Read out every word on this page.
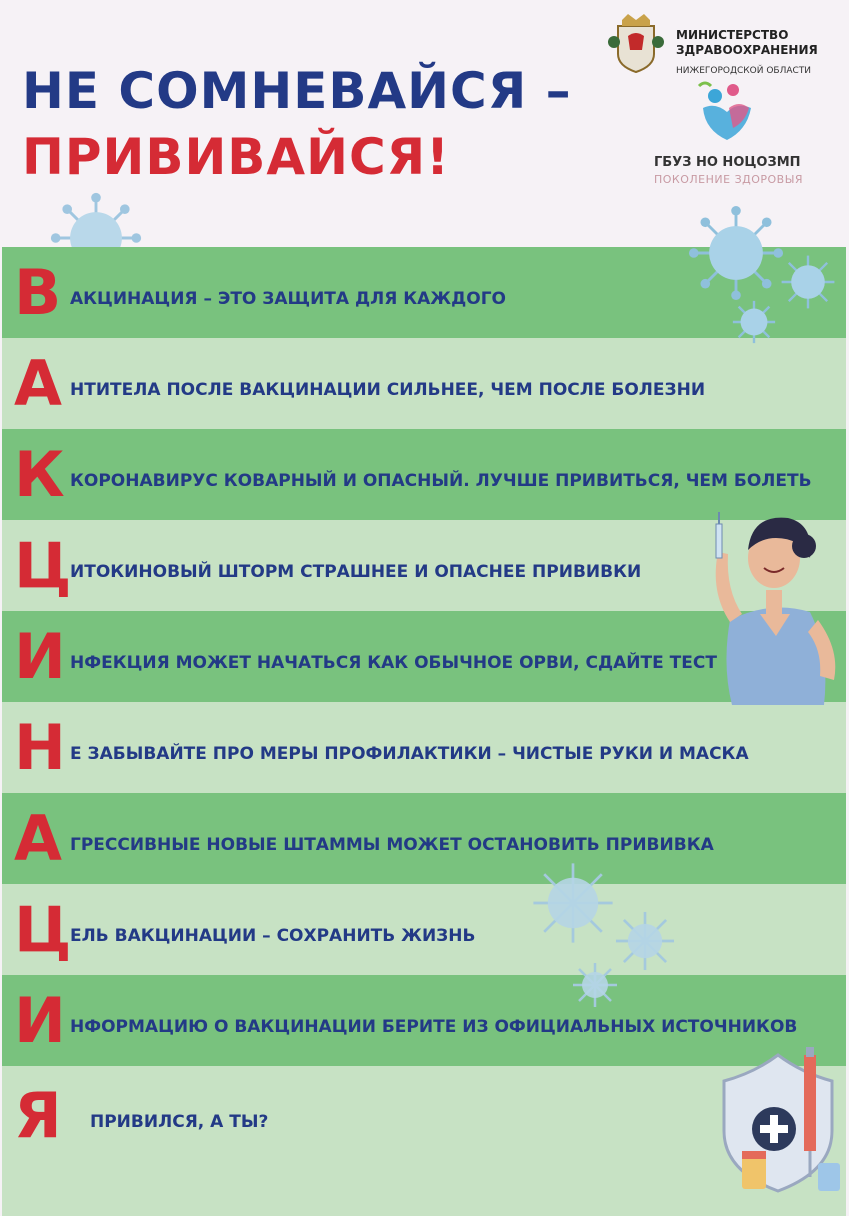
НЕ СОМНЕВАЙСЯ –
ПРИВИВАЙСЯ!
МИНИСТЕРСТВО
ЗДРАВООХРАНЕНИЯ
НИЖЕГОРОДСКОЙ ОБЛАСТИ
ГБУЗ НО НОЦОЗМП
ПОКОЛЕНИЕ ЗДОРОВЫЯ
В АКЦИНАЦИЯ – ЭТО ЗАЩИТА ДЛЯ КАЖДОГО
А НТИТЕЛА ПОСЛЕ ВАКЦИНАЦИИ СИЛЬНЕЕ, ЧЕМ ПОСЛЕ БОЛЕЗНИ
К КОРОНАВИРУС КОВАРНЫЙ И ОПАСНЫЙ. ЛУЧШЕ ПРИВИТЬСЯ, ЧЕМ БОЛЕТЬ
Ц
ИТОКИНОВЫЙ ШТОРМ СТРАШНЕЕ И ОПАСНЕЕ ПРИВИВКИ
И НФЕКЦИЯ МОЖЕТ НАЧАТЬСЯ КАК ОБЫЧНОЕ ОРВИ, СДАЙТЕ ТЕСТ
Н Е ЗАБЫВАЙТЕ ПРО МЕРЫ ПРОФИЛАКТИКИ – ЧИСТЫЕ РУКИ И МАСКА
А ГРЕССИВНЫЕ НОВЫЕ ШТАММЫ МОЖЕТ ОСТАНОВИТЬ ПРИВИВКА
Ц
ЕЛЬ ВАКЦИНАЦИИ – СОХРАНИТЬ ЖИЗНЬ
И НФОРМАЦИЮ О ВАКЦИНАЦИИ БЕРИТЕ ИЗ ОФИЦИАЛЬНЫХ ИСТОЧНИКОВ
Я ПРИВИЛСЯ, А ТЫ?
